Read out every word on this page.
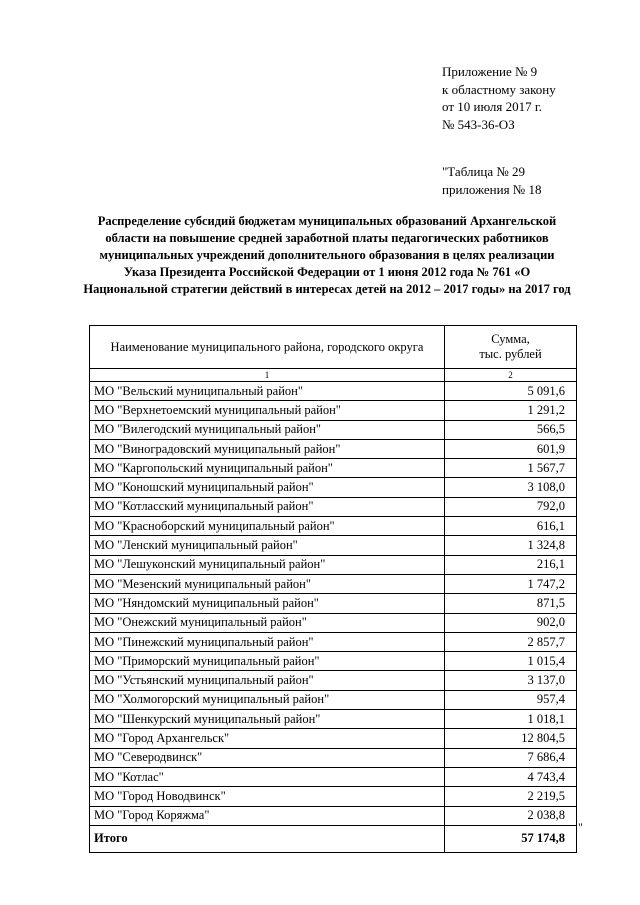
Приложение № 9
к областному закону
от 10 июля 2017 г.
№ 543-36-ОЗ
"Таблица № 29
приложения № 18
Распределение субсидий бюджетам муниципальных образований Архангельской области на повышение средней заработной платы педагогических работников муниципальных учреждений дополнительного образования в целях реализации Указа Президента Российской Федерации от 1 июня 2012 года № 761 «О Национальной стратегии действий в интересах детей на 2012 – 2017 годы» на 2017 год
Наименование муниципального района, городского округа	Сумма,
тыс. рублей

1	2
МО "Вельский муниципальный район"	5 091,6
МО "Верхнетоемский муниципальный район"	1 291,2
МО "Вилегодский муниципальный район"	566,5
МО "Виноградовский муниципальный район"	601,9
МО "Каргопольский муниципальный район"	1 567,7
МО "Коношский муниципальный район"	3 108,0
МО "Котласский муниципальный район"	792,0
МО "Красноборский муниципальный район"	616,1
МО "Ленский муниципальный район"	1 324,8
МО "Лешуконский муниципальный район"	216,1
МО "Мезенский муниципальный район"	1 747,2
МО "Няндомский муниципальный район"	871,5
МО "Онежский муниципальный район"	902,0
МО "Пинежский муниципальный район"	2 857,7
МО "Приморский муниципальный район"	1 015,4
МО "Устьянский муниципальный район"	3 137,0
МО "Холмогорский муниципальный район"	957,4
МО "Шенкурский муниципальный район"	1 018,1
МО "Город Архангельск"	12 804,5
МО "Северодвинск"	7 686,4
МО "Котлас"	4 743,4
МО "Город Новодвинск"	2 219,5
МО "Город Коряжма"	2 038,8
Итого	57 174,8
"
